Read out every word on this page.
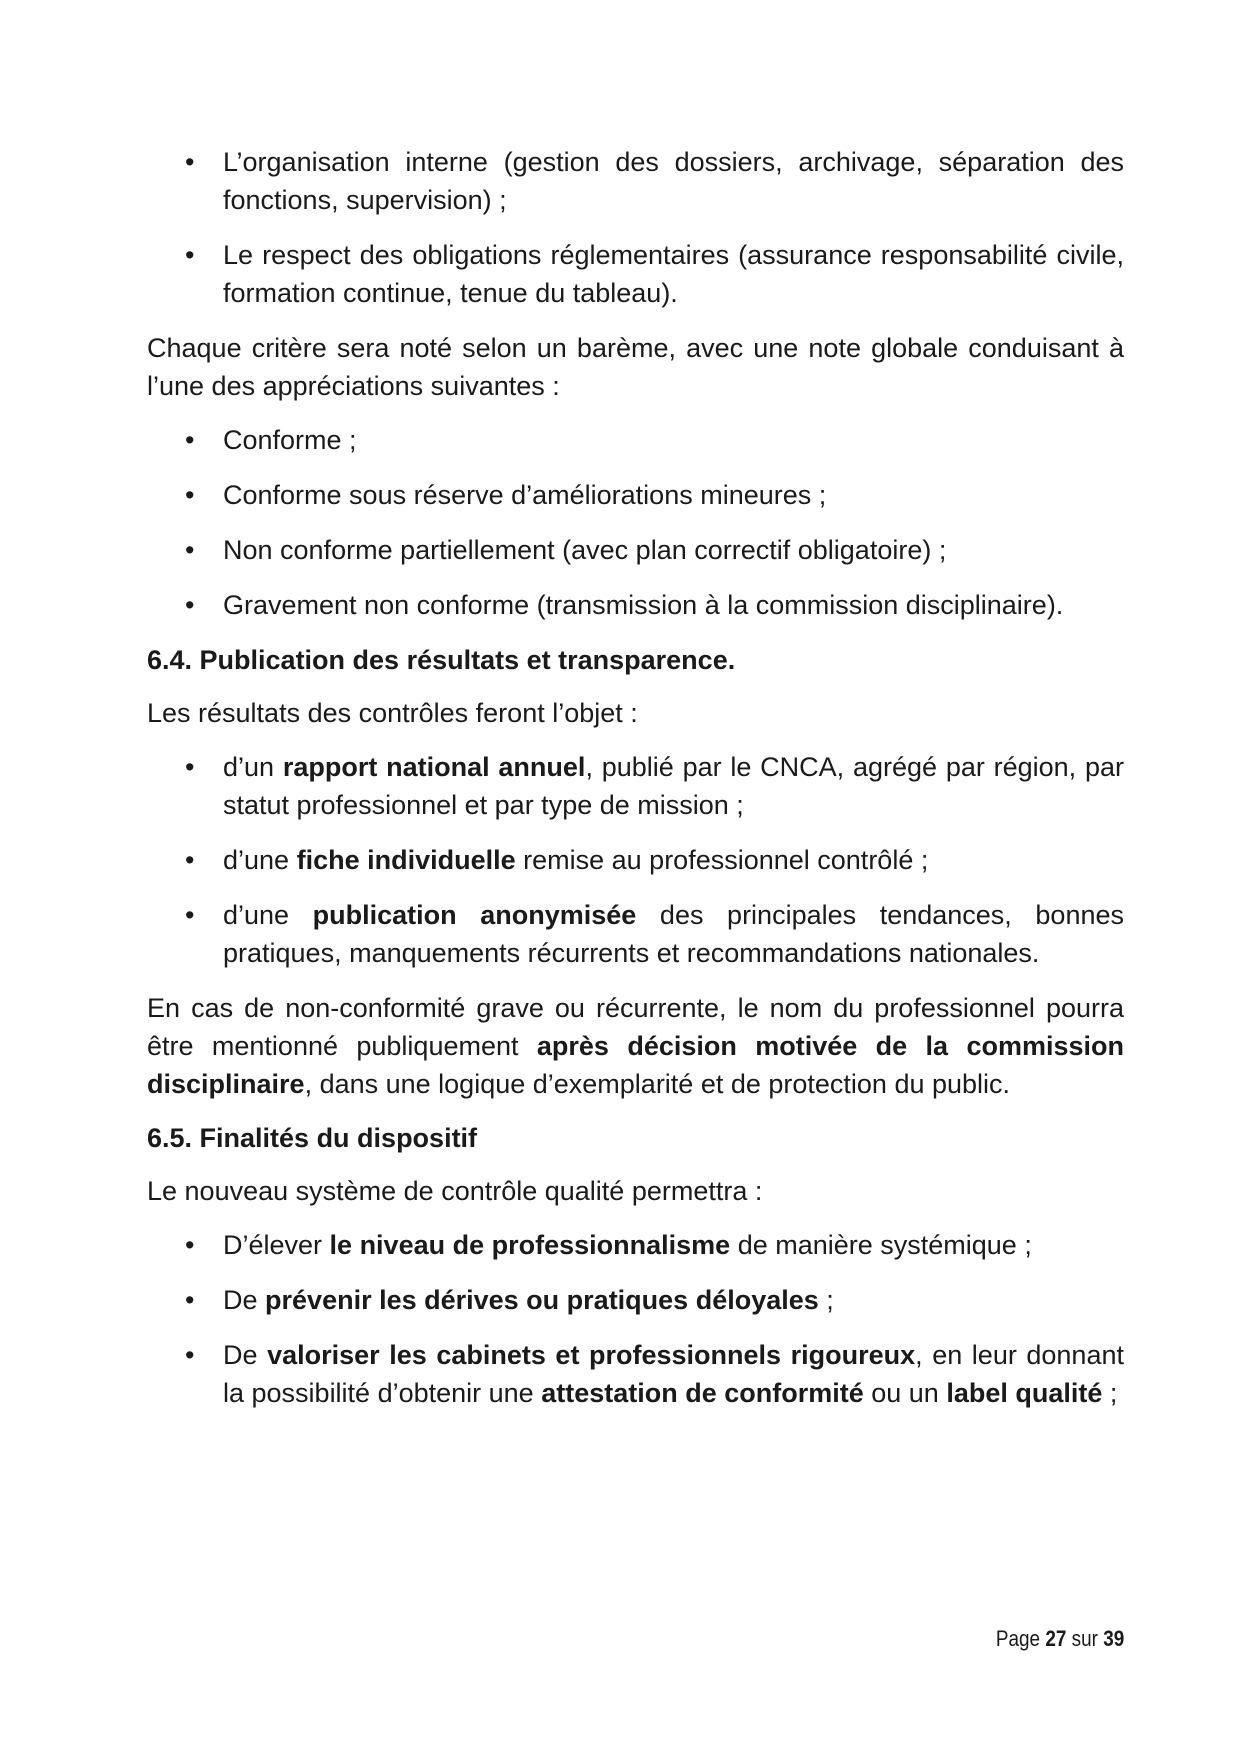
• L’organisation interne (gestion des dossiers, archivage, séparation des fonctions, supervision) ;
• Le respect des obligations réglementaires (assurance responsabilité civile, formation continue, tenue du tableau).

Chaque critère sera noté selon un barème, avec une note globale conduisant à l’une des appréciations suivantes :

• Conforme ;
• Conforme sous réserve d’améliorations mineures ;
• Non conforme partiellement (avec plan correctif obligatoire) ;
• Gravement non conforme (transmission à la commission disciplinaire).
6.4. Publication des résultats et transparence.

Les résultats des contrôles feront l’objet :

• d’un rapport national annuel, publié par le CNCA, agrégé par région, par statut professionnel et par type de mission ;
• d’une fiche individuelle remise au professionnel contrôlé ;
• d’une publication anonymisée des principales tendances, bonnes pratiques, manquements récurrents et recommandations nationales.

En cas de non-conformité grave ou récurrente, le nom du professionnel pourra être mentionné publiquement après décision motivée de la commission disciplinaire, dans une logique d’exemplarité et de protection du public.

6.5. Finalités du dispositif

Le nouveau système de contrôle qualité permettra :

• D’élever le niveau de professionnalisme de manière systémique ;
• De prévenir les dérives ou pratiques déloyales ;
• De valoriser les cabinets et professionnels rigoureux, en leur donnant la possibilité d’obtenir une attestation de conformité ou un label qualité ;
Page 27 sur 39
